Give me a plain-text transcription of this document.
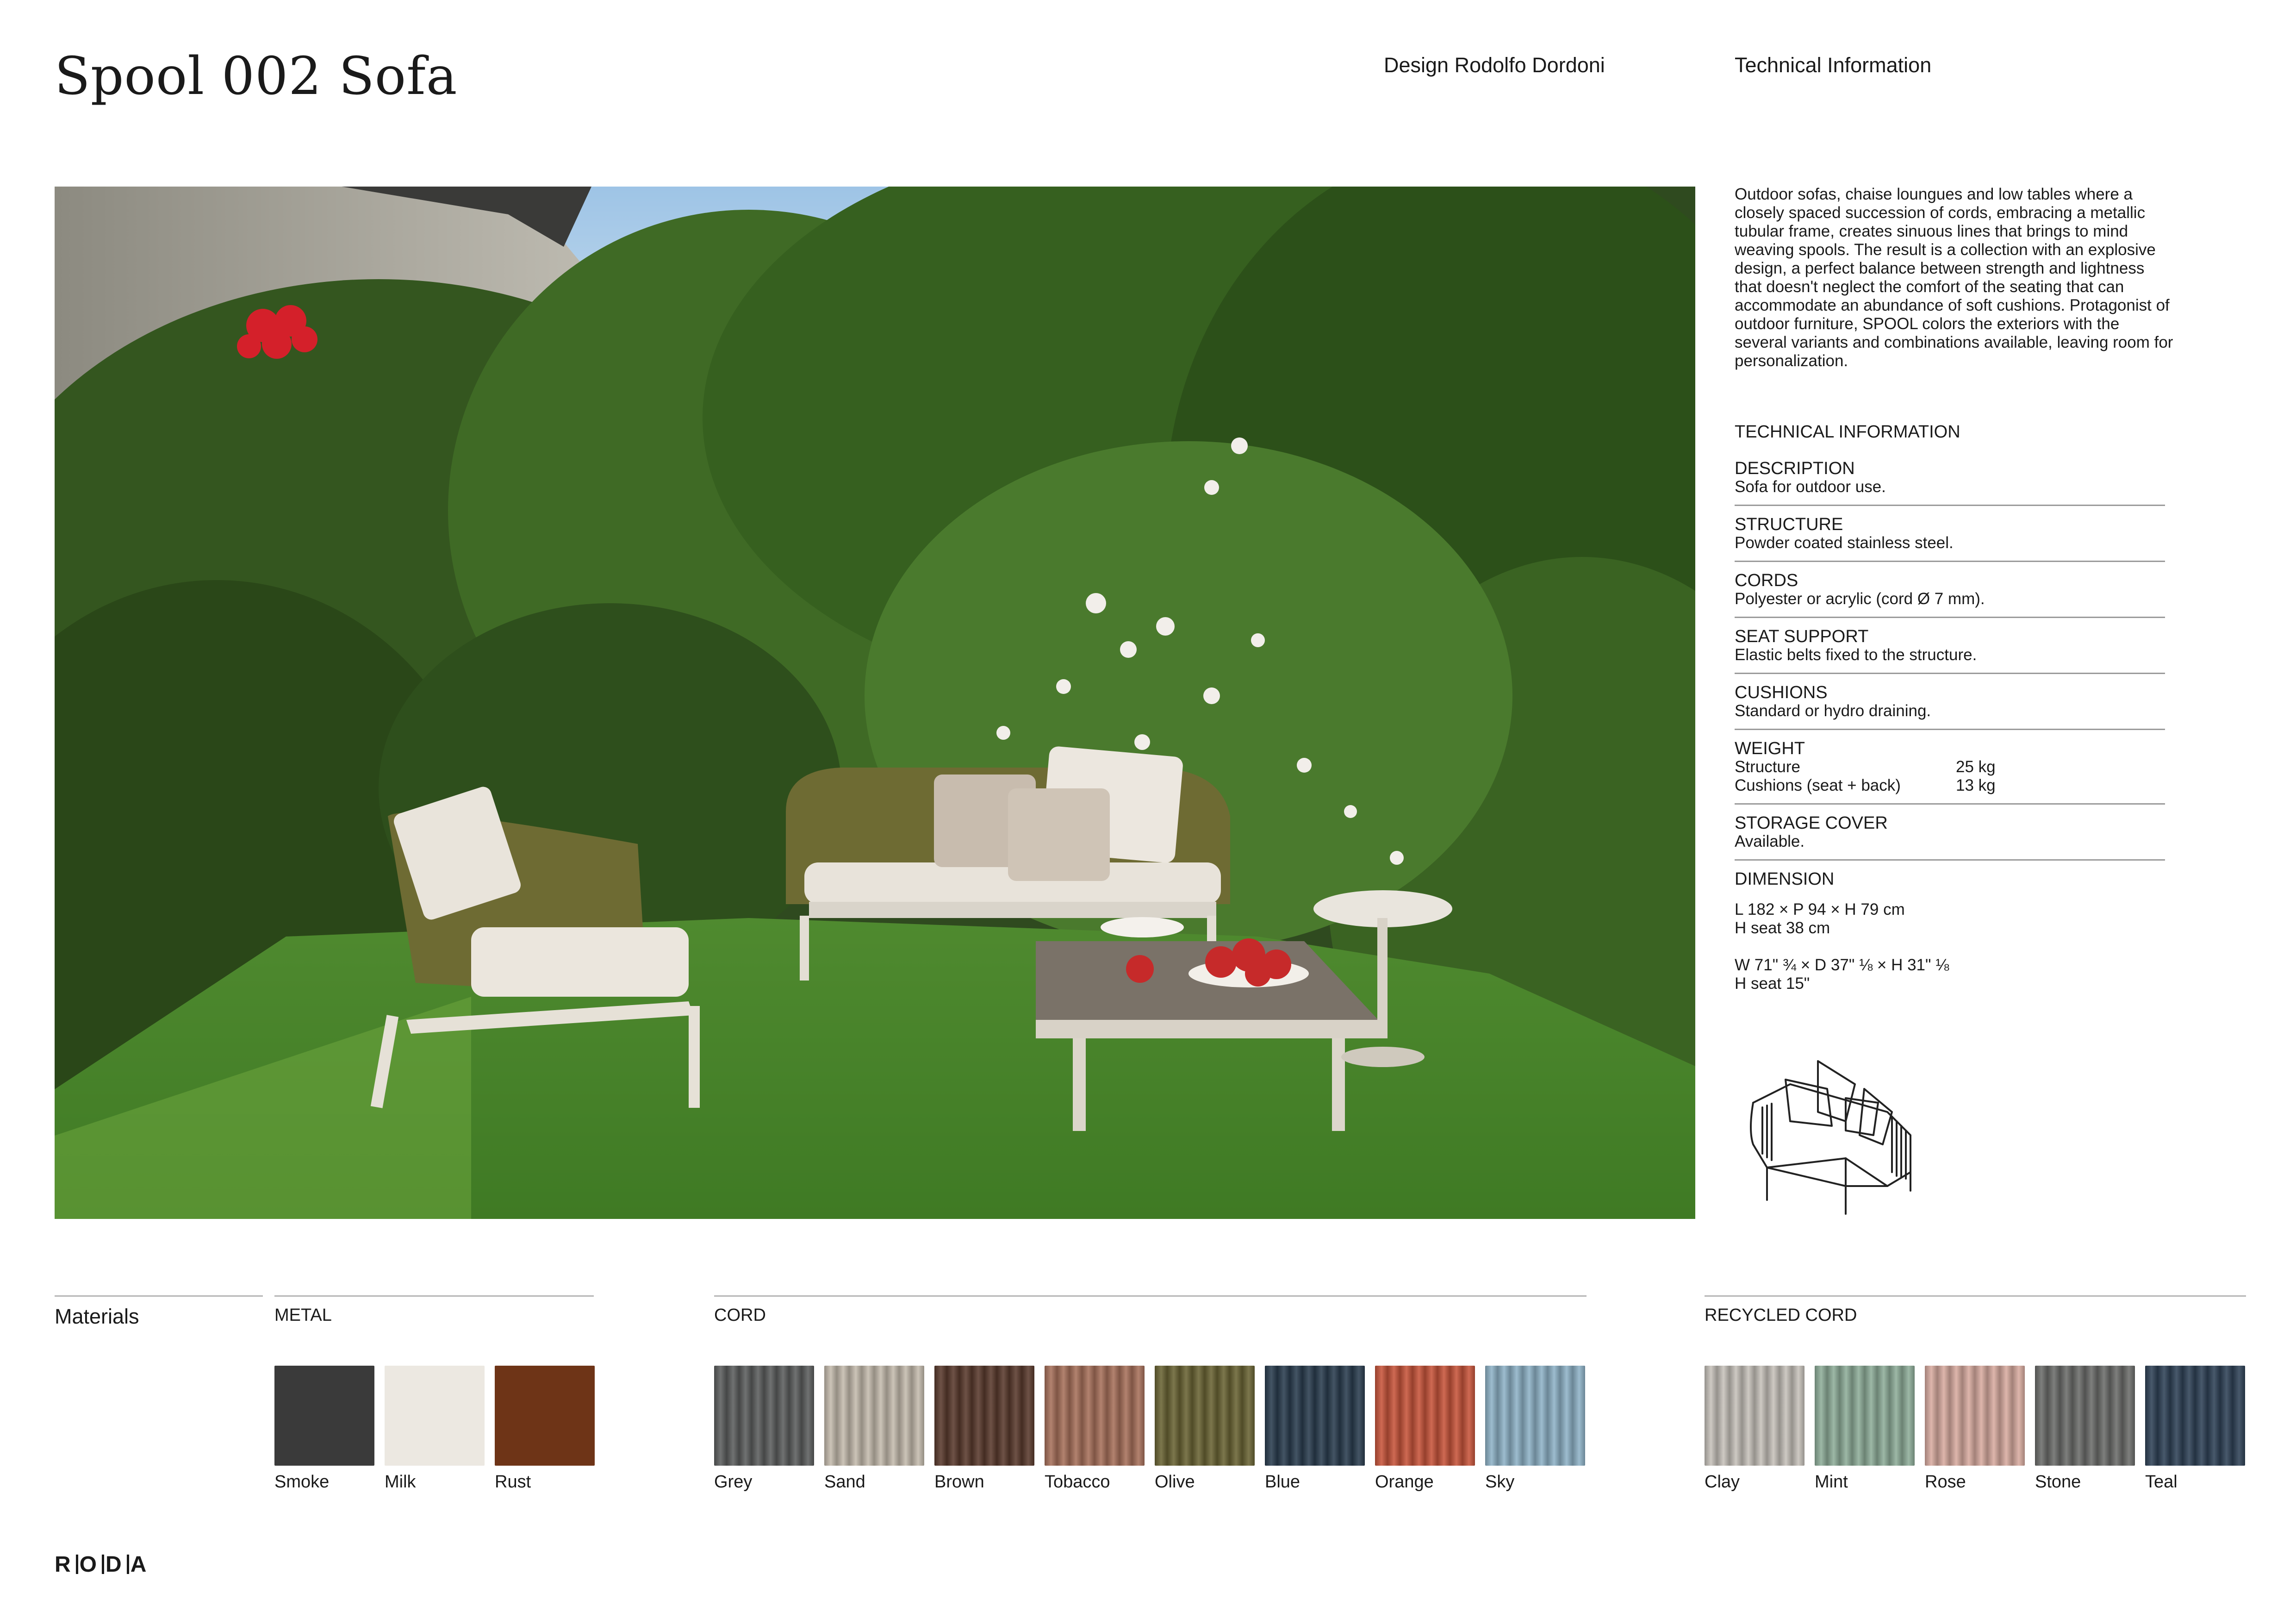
Spool 002 Sofa	Design Rodolfo Dordoni	Technical Information
Outdoor sofas, chaise loungues and low tables where a closely spaced succession of cords, embracing a metallic tubular frame, creates sinuous lines that brings to mind weaving spools. The result is a collection with an explosive design, a perfect balance between strength and lightness that doesn't neglect the comfort of the seating that can accommodate an abundance of soft cushions. Protagonist of outdoor furniture, SPOOL colors the exteriors with the several variants and combinations available, leaving room for personalization.
TECHNICAL INFORMATION
DESCRIPTION
Sofa for outdoor use.
STRUCTURE
Powder coated stainless steel.
CORDS
Polyester or acrylic (cord Ø 7 mm).
SEAT SUPPORT
Elastic belts fixed to the structure.
CUSHIONS
Standard or hydro draining.
WEIGHT
Structure	25 kg
Cushions (seat + back)	13 kg
STORAGE COVER
Available.
DIMENSION
L 182 × P 94 × H 79 cm
H seat 38 cm
W 71" ¾ × D 37" ⅛ × H 31" ⅛
H seat 15"
Materials	METAL
Smoke	Milk	Rust
CORD
Grey	Sand	Brown	Tobacco	Olive	Blue	Orange	Sky
RECYCLED CORD
Clay	Mint	Rose	Stone	Teal
R O D A
